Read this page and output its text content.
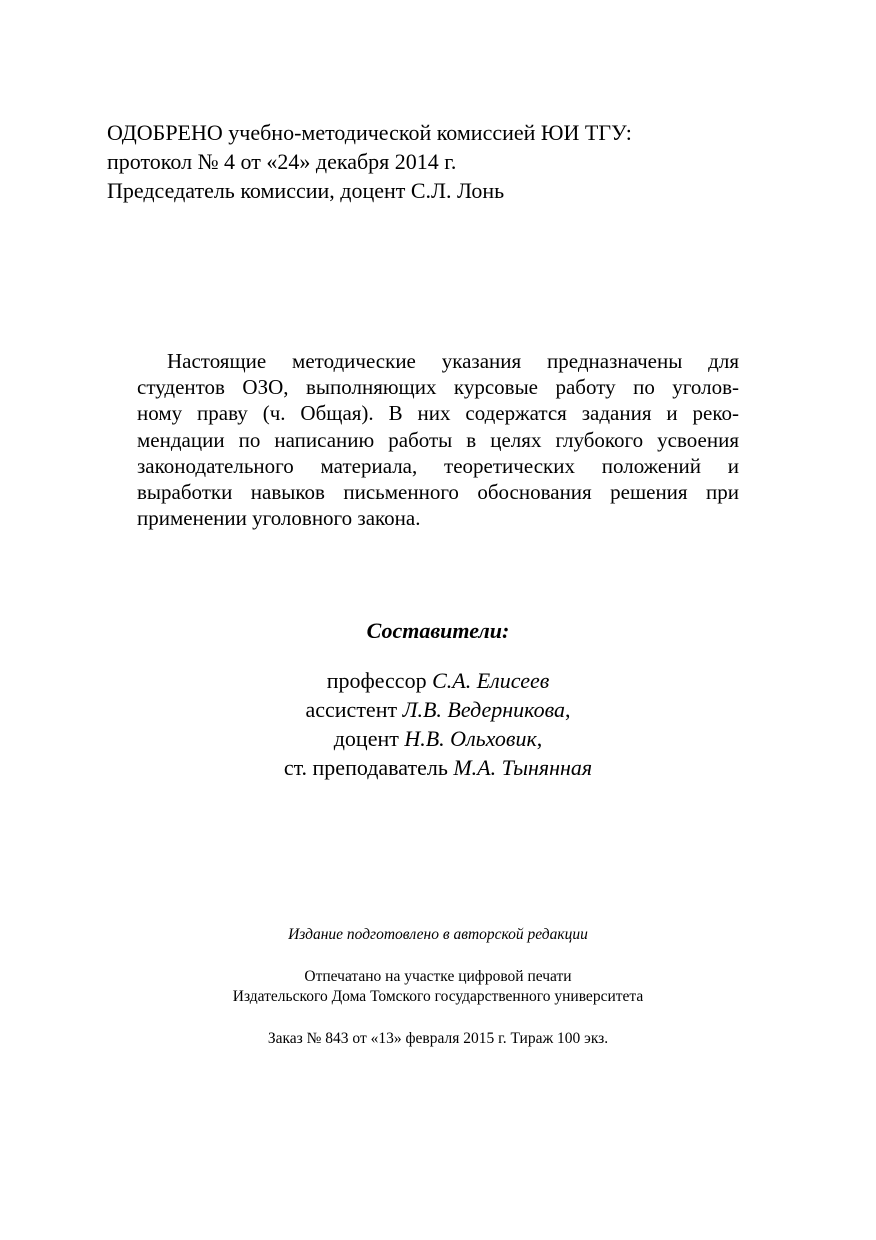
ОДОБРЕНО учебно-методической комиссией ЮИ ТГУ:
протокол № 4 от «24» декабря 2014 г.
Председатель комиссии, доцент С.Л. Лонь
Настоящие методические указания предназначены для
студентов ОЗО, выполняющих курсовые работу по уголов-
ному праву (ч. Общая). В них содержатся задания и реко-
мендации по написанию работы в целях глубокого усвоения
законодательного материала, теоретических положений и
выработки навыков письменного обоснования решения при
применении уголовного закона.
Составители:
профессор С.А. Елисеев
ассистент Л.В. Ведерникова,
доцент Н.В. Ольховик,
ст. преподаватель М.А. Тынянная
Издание подготовлено в авторской редакции
Отпечатано на участке цифровой печати
Издательского Дома Томского государственного университета
Заказ № 843 от «13» февраля 2015 г. Тираж 100 экз.
